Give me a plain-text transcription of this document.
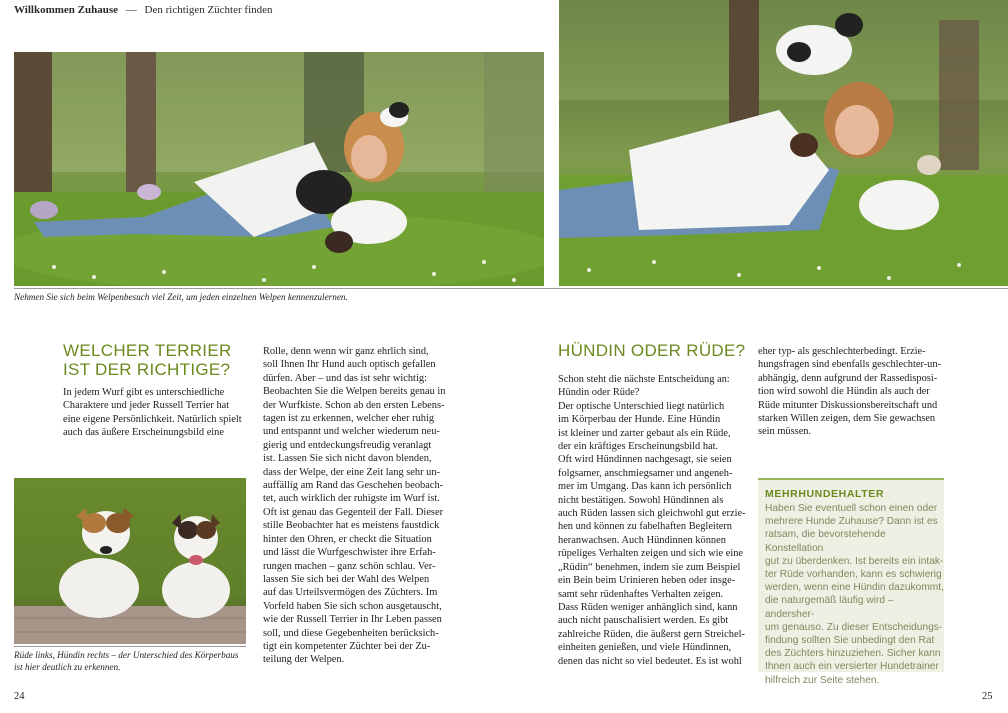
Willkommen Zuhause — Den richtigen Züchter finden
Nehmen Sie sich beim Welpenbesuch viel Zeit, um jeden einzelnen Welpen kennenzulernen.
WELCHER TERRIER
IST DER RICHTIGE?

In jedem Wurf gibt es unterschiedliche

Charaktere und jeder Russell Terrier hat

eine eigene Persönlichkeit. Natürlich spielt

auch das äußere Erscheinungsbild eine

Rüde links, Hündin rechts – der Unterschied des Körperbaus
ist hier deutlich zu erkennen.

Rolle, denn wenn wir ganz ehrlich sind,

soll Ihnen Ihr Hund auch optisch gefallen

dürfen. Aber – und das ist sehr wichtig:

Beobachten Sie die Welpen bereits genau in

der Wurfkiste. Schon ab den ersten Lebens-

tagen ist zu erkennen, welcher eher ruhig

und entspannt und welcher wiederum neu-

gierig und entdeckungsfreudig veranlagt

ist. Lassen Sie sich nicht davon blenden,

dass der Welpe, der eine Zeit lang sehr un-

auffällig am Rand das Geschehen beobach-

tet, auch wirklich der ruhigste im Wurf ist.

Oft ist genau das Gegenteil der Fall. Dieser

stille Beobachter hat es meistens faustdick

hinter den Ohren, er checkt die Situation

und lässt die Wurfgeschwister ihre Erfah-

rungen machen – ganz schön schlau. Ver-

lassen Sie sich bei der Wahl des Welpen

auf das Urteilsvermögen des Züchters. Im

Vorfeld haben Sie sich schon ausgetauscht,

wie der Russell Terrier in Ihr Leben passen

soll, und diese Gegebenheiten berücksich-

tigt ein kompetenter Züchter bei der Zu-

teilung der Welpen.

HÜNDIN ODER RÜDE?

Schon steht die nächste Entscheidung an:

Hündin oder Rüde?

Der optische Unterschied liegt natürlich

im Körperbau der Hunde. Eine Hündin

ist kleiner und zarter gebaut als ein Rüde,

der ein kräftiges Erscheinungsbild hat.

Oft wird Hündinnen nachgesagt, sie seien

folgsamer, anschmiegsamer und angeneh-

mer im Umgang. Das kann ich persönlich

nicht bestätigen. Sowohl Hündinnen als

auch Rüden lassen sich gleichwohl gut erzie-

hen und können zu fabelhaften Begleitern

heranwachsen. Auch Hündinnen können

rüpeliges Verhalten zeigen und sich wie eine

„Rüdin“ benehmen, indem sie zum Beispiel

ein Bein beim Urinieren heben oder insge-

samt sehr rüdenhaftes Verhalten zeigen.

Dass Rüden weniger anhänglich sind, kann

auch nicht pauschalisiert werden. Es gibt

zahlreiche Rüden, die äußerst gern Streichel-

einheiten genießen, und viele Hündinnen,

denen das nicht so viel bedeutet. Es ist wohl

eher typ- als geschlechterbedingt. Erzie-

hungsfragen sind ebenfalls geschlechter-un-

abhängig, denn aufgrund der Rassedisposi-

tion wird sowohl die Hündin als auch der

Rüde mitunter Diskussionsbereitschaft und

starken Willen zeigen, dem Sie gewachsen

sein müssen.

MEHRHUNDEHALTER
Haben Sie eventuell schon einen oder
mehrere Hunde Zuhause? Dann ist es
ratsam, die bevorstehende Konstellation
gut zu überdenken. Ist bereits ein intak-
ter Rüde vorhanden, kann es schwierig
werden, wenn eine Hündin dazukommt,
die naturgemäß läufig wird – andersher-
um genauso. Zu dieser Entscheidungs-
findung sollten Sie unbedingt den Rat
des Züchters hinzuziehen. Sicher kann
Ihnen auch ein versierter Hundetrainer
hilfreich zur Seite stehen.
24	25
